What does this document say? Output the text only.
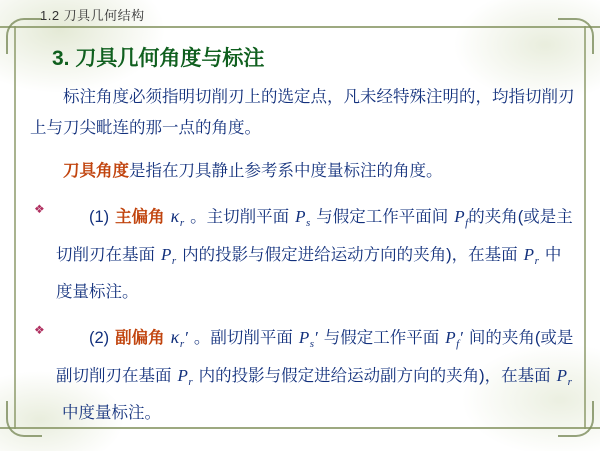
1.2 刀具几何结构
3. 刀具几何角度与标注
标注角度必须指明切削刃上的选定点，凡未经特殊注明的，均指切削刃上与刀尖毗连的那一点的角度。
刀具角度是指在刀具静止参考系中度量标注的角度。
❖	(1) 主偏角 $\kappa_r$ 。主切削平面 $P_s$ 与假定工作平面间 $P_f$的夹角(或是主切削刃在基面 $P_r$ 内的投影与假定进给运动方向的夹角)，在基面 $P_r$ 中度量标注。
❖	(2) 副偏角 $\kappa_r'$ 。副切削平面 $P_s'$ 与假定工作平面 $P_f'$ 间的夹角(或是副切削刃在基面 $P_r$ 内的投影与假定进给运动副方向的夹角)，在基面 $P_r$中度量标注。
